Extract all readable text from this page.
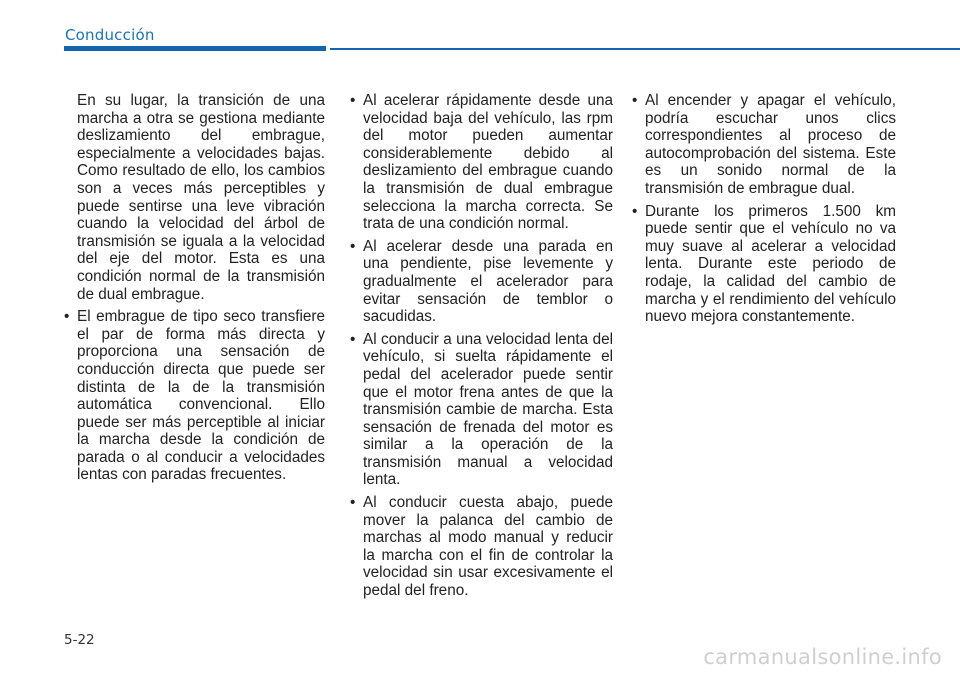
Conducción

En su lugar, la transición de una marcha a otra se gestiona mediante deslizamiento del embrague, especialmente a velocidades bajas. Como resultado de ello, los cambios son a veces más perceptibles y puede sentirse una leve vibración cuando la velocidad del árbol de transmisión se iguala a la velocidad del eje del motor. Esta es una condición normal de la transmisión de dual embrague.

• El embrague de tipo seco transfiere el par de forma más directa y proporciona una sensación de conducción directa que puede ser distinta de la de la transmisión automática convencional. Ello puede ser más perceptible al iniciar la marcha desde la condición de parada o al conducir a velocidades lentas con paradas frecuentes.
• Al acelerar rápidamente desde una velocidad baja del vehículo, las rpm del motor pueden aumentar considerablemente debido al deslizamiento del embrague cuando la transmisión de dual embrague selecciona la marcha correcta. Se trata de una condición normal.
• Al acelerar desde una parada en una pendiente, pise levemente y gradualmente el acelerador para evitar sensación de temblor o sacudidas.
• Al conducir a una velocidad lenta del vehículo, si suelta rápidamente el pedal del acelerador puede sentir que el motor frena antes de que la transmisión cambie de marcha. Esta sensación de frenada del motor es similar a la operación de la transmisión manual a velocidad lenta.
• Al conducir cuesta abajo, puede mover la palanca del cambio de marchas al modo manual y reducir la marcha con el fin de controlar la velocidad sin usar excesivamente el pedal del freno.
• Al encender y apagar el vehículo, podría escuchar unos clics correspondientes al proceso de autocomprobación del sistema. Este es un sonido normal de la transmisión de embrague dual.
• Durante los primeros 1.500 km puede sentir que el vehículo no va muy suave al acelerar a velocidad lenta. Durante este periodo de rodaje, la calidad del cambio de marcha y el rendimiento del vehículo nuevo mejora constantemente.
5-22
carmanualsonline.info
